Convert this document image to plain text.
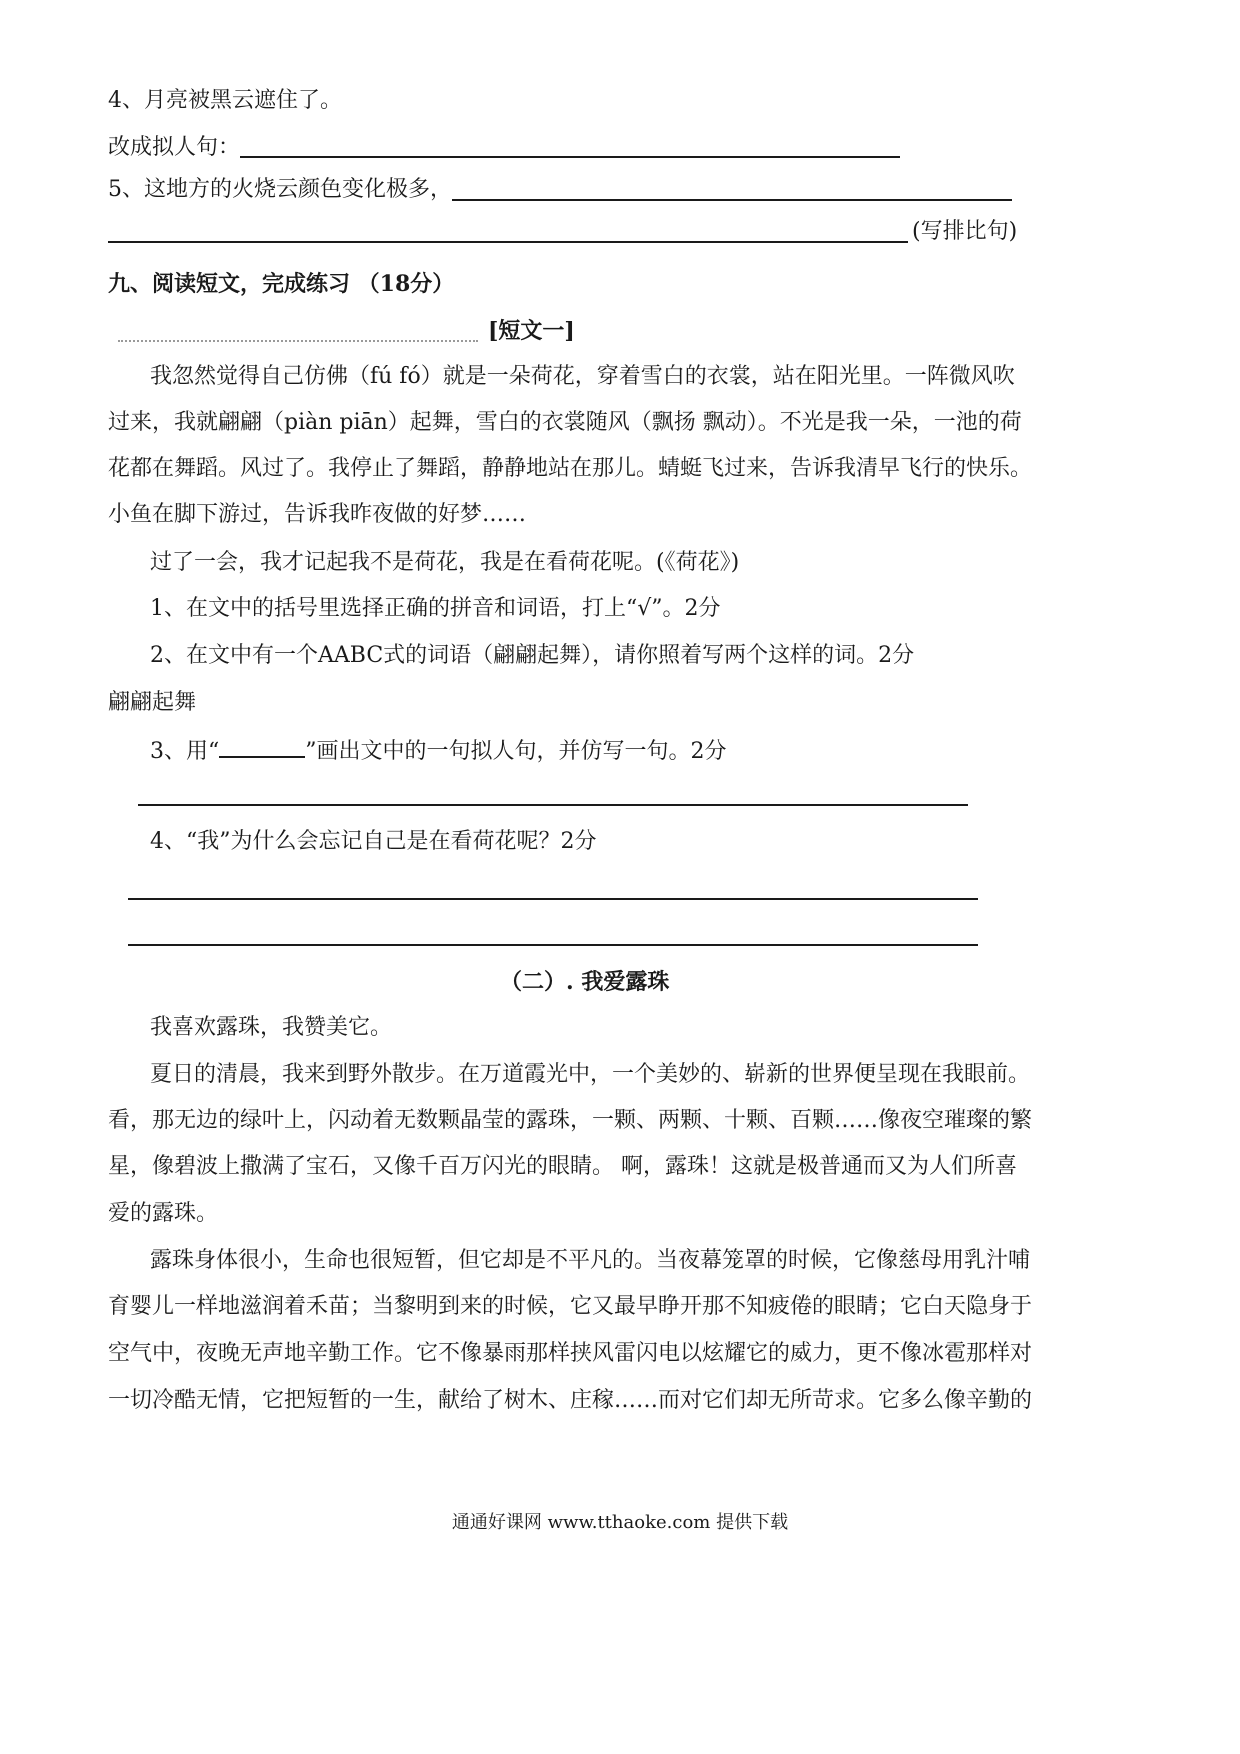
4、月亮被黑云遮住了。
改成拟人句：
5、这地方的火烧云颜色变化极多，
(写排比句)
九、阅读短文，完成练习 （18分）
[短文一]
我忽然觉得自己仿佛（fú fó）就是一朵荷花，穿着雪白的衣裳，站在阳光里。一阵微风吹
过来，我就翩翩（piàn piān）起舞，雪白的衣裳随风（飘扬 飘动）。不光是我一朵，一池的荷
花都在舞蹈。风过了。我停止了舞蹈，静静地站在那儿。蜻蜓飞过来，告诉我清早飞行的快乐。
小鱼在脚下游过，告诉我昨夜做的好梦……
过了一会，我才记起我不是荷花，我是在看荷花呢。(《荷花》)
1、在文中的括号里选择正确的拼音和词语，打上“√”。2分
2、在文中有一个AABC式的词语（翩翩起舞），请你照着写两个这样的词。2分
翩翩起舞
3、用“	”画出文中的一句拟人句，并仿写一句。2分
4、“我”为什么会忘记自己是在看荷花呢？2分
（二）. 我爱露珠
我喜欢露珠，我赞美它。
夏日的清晨，我来到野外散步。在万道霞光中，一个美妙的、崭新的世界便呈现在我眼前。
看，那无边的绿叶上，闪动着无数颗晶莹的露珠，一颗、两颗、十颗、百颗……像夜空璀璨的繁
星，像碧波上撒满了宝石，又像千百万闪光的眼睛。 啊，露珠！这就是极普通而又为人们所喜
爱的露珠。
露珠身体很小，生命也很短暂，但它却是不平凡的。当夜幕笼罩的时候，它像慈母用乳汁哺
育婴儿一样地滋润着禾苗；当黎明到来的时候，它又最早睁开那不知疲倦的眼睛；它白天隐身于
空气中，夜晚无声地辛勤工作。它不像暴雨那样挟风雷闪电以炫耀它的威力，更不像冰雹那样对
一切冷酷无情，它把短暂的一生，献给了树木、庄稼……而对它们却无所苛求。它多么像辛勤的
通通好课网 www.tthaoke.com 提供下载
